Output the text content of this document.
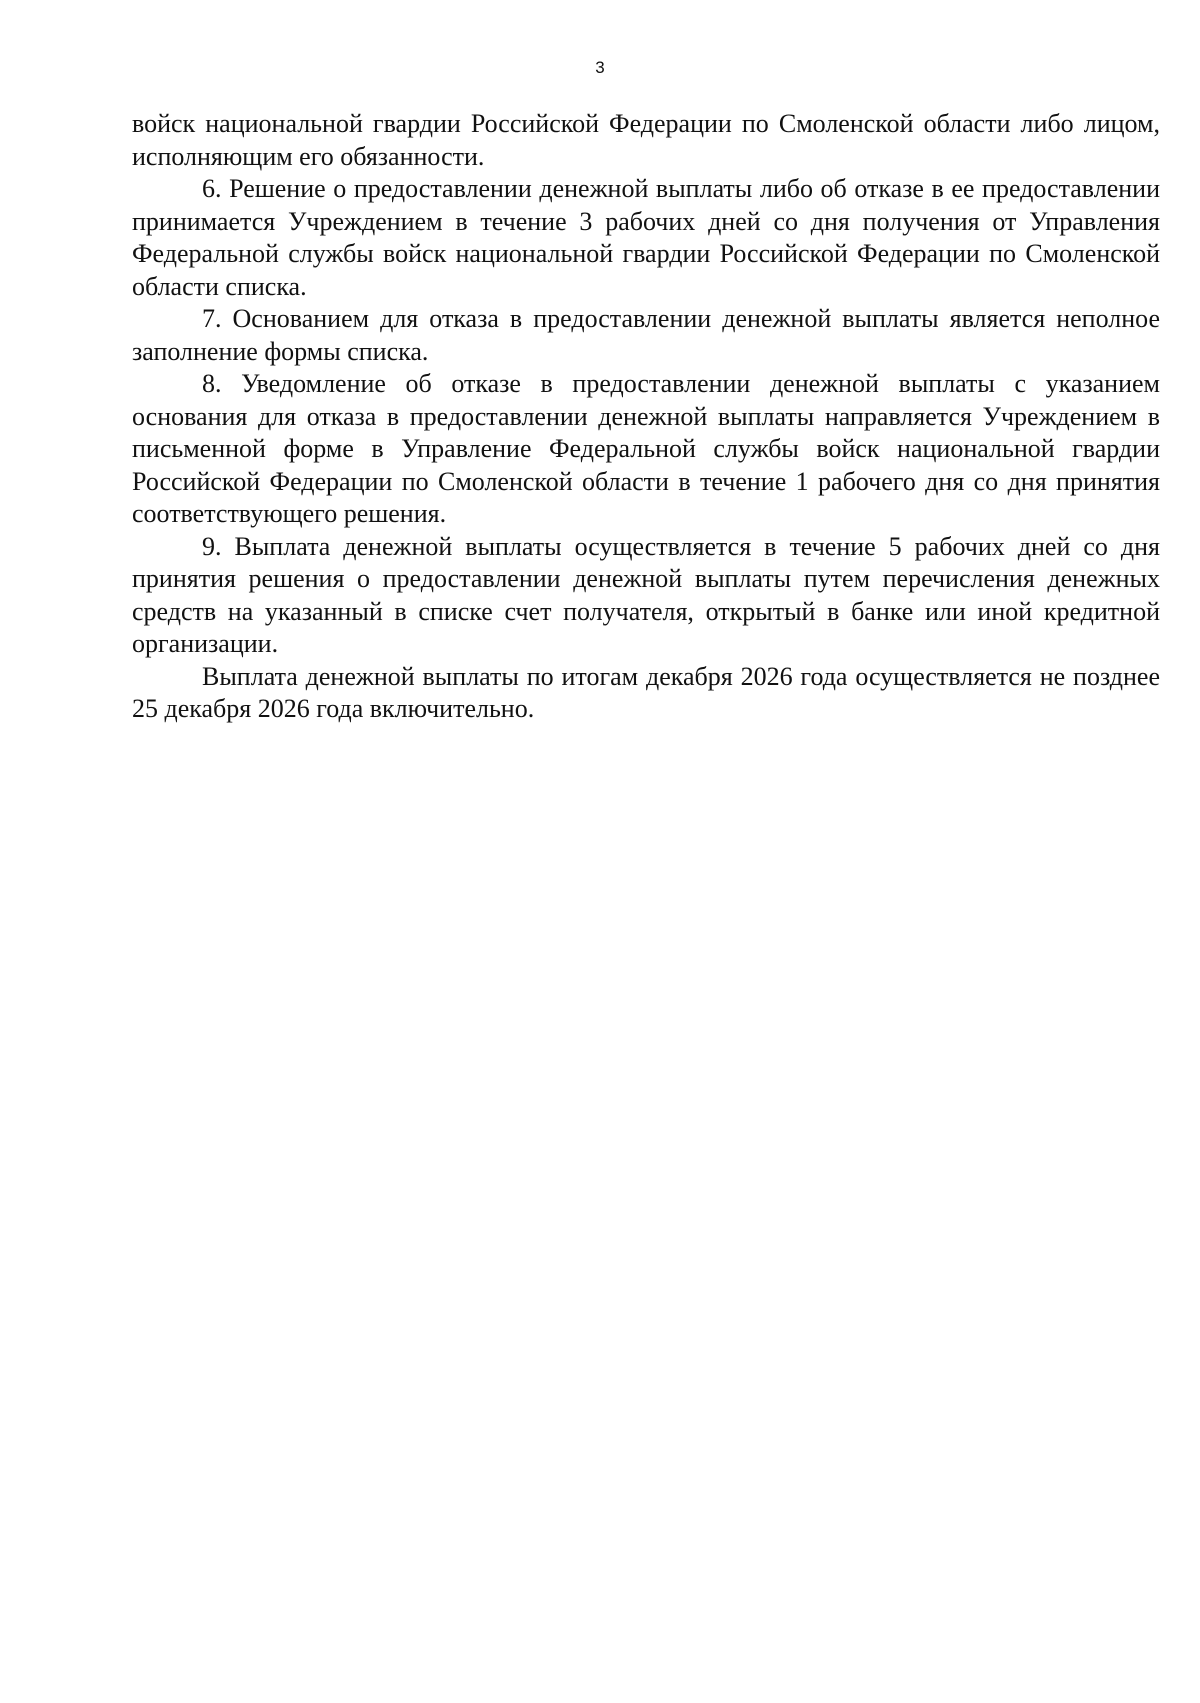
3

войск национальной гвардии Российской Федерации по Смоленской области либо лицом, исполняющим его обязанности.

6. Решение о предоставлении денежной выплаты либо об отказе в ее предоставлении принимается Учреждением в течение 3 рабочих дней со дня получения от Управления Федеральной службы войск национальной гвардии Российской Федерации по Смоленской области списка.

7. Основанием для отказа в предоставлении денежной выплаты является неполное заполнение формы списка.

8. Уведомление об отказе в предоставлении денежной выплаты с указанием основания для отказа в предоставлении денежной выплаты направляется Учреждением в письменной форме в Управление Федеральной службы войск национальной гвардии Российской Федерации по Смоленской области в течение 1 рабочего дня со дня принятия соответствующего решения.

9. Выплата денежной выплаты осуществляется в течение 5 рабочих дней со дня принятия решения о предоставлении денежной выплаты путем перечисления денежных средств на указанный в списке счет получателя, открытый в банке или иной кредитной организации.

Выплата денежной выплаты по итогам декабря 2026 года осуществляется не позднее 25 декабря 2026 года включительно.
